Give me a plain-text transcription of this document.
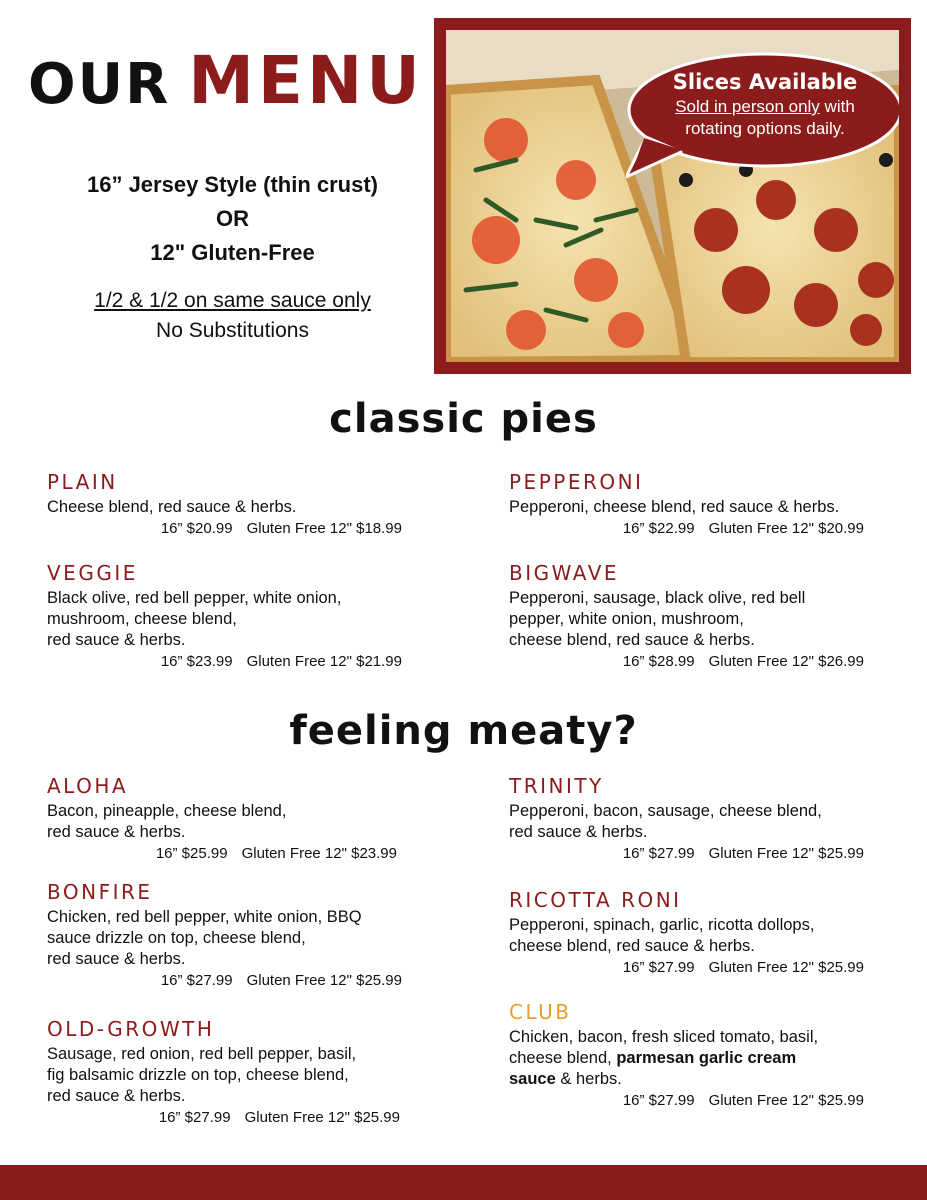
OUR MENU
16” Jersey Style (thin crust)
OR
12" Gluten-Free
1/2 & 1/2 on same sauce only
No Substitutions
Slices Available
Sold in person only with
rotating options daily.
classic pies
PLAIN
Cheese blend, red sauce & herbs.
16” $20.99 Gluten Free 12" $18.99
VEGGIE
Black olive, red bell pepper, white onion,
mushroom, cheese blend,
red sauce & herbs.
16” $23.99 Gluten Free 12" $21.99
PEPPERONI
Pepperoni, cheese blend, red sauce & herbs.
16” $22.99 Gluten Free 12" $20.99
BIGWAVE
Pepperoni, sausage, black olive, red bell
pepper, white onion, mushroom,
cheese blend, red sauce & herbs.
16” $28.99 Gluten Free 12" $26.99
feeling meaty?
ALOHA
Bacon, pineapple, cheese blend,
red sauce & herbs.
16” $25.99 Gluten Free 12" $23.99
BONFIRE
Chicken, red bell pepper, white onion, BBQ
sauce drizzle on top, cheese blend,
red sauce & herbs.
16” $27.99 Gluten Free 12" $25.99
OLD-GROWTH
Sausage, red onion, red bell pepper, basil,
fig balsamic drizzle on top, cheese blend,
red sauce & herbs.
16” $27.99 Gluten Free 12" $25.99
TRINITY
Pepperoni, bacon, sausage, cheese blend,
red sauce & herbs.
16” $27.99 Gluten Free 12" $25.99
RICOTTA RONI
Pepperoni, spinach, garlic, ricotta dollops,
cheese blend, red sauce & herbs.
16” $27.99 Gluten Free 12" $25.99
CLUB
Chicken, bacon, fresh sliced tomato, basil,
cheese blend, parmesan garlic cream
sauce & herbs.
16” $27.99 Gluten Free 12" $25.99
